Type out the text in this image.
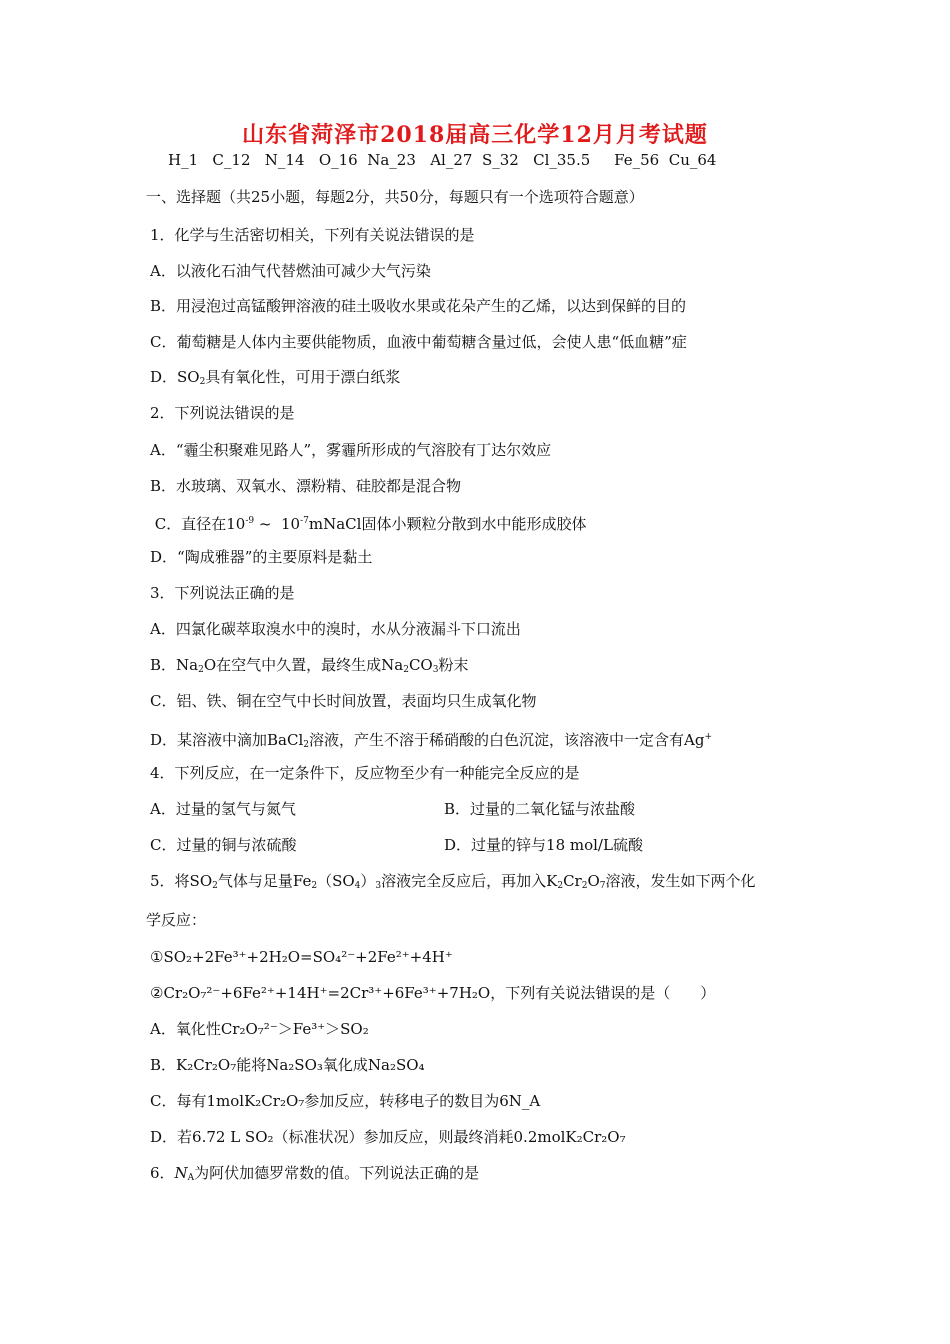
山东省菏泽市2018届高三化学12月月考试题
H_1   C_12   N_14   O_16  Na_23   Al_27  S_32   Cl_35.5     Fe_56  Cu_64
一、选择题（共25小题，每题2分，共50分，每题只有一个选项符合题意）
1．化学与生活密切相关，下列有关说法错误的是
A．以液化石油气代替燃油可减少大气污染
B．用浸泡过高锰酸钾溶液的硅土吸收水果或花朵产生的乙烯，以达到保鲜的目的
C．葡萄糖是人体内主要供能物质，血液中葡萄糖含量过低，会使人患“低血糖”症
D．$SO_2$具有氧化性，可用于漂白纸浆
2．下列说法错误的是
A．“霾尘积聚难见路人”，雾霾所形成的气溶胶有丁达尔效应
B．水玻璃、双氧水、漂粉精、硅胶都是混合物
C．直径在$10^{-9}$ ~  $10^{-7}mNaCl$固体小颗粒分散到水中能形成胶体
D．“陶成雅器”的主要原料是黏土
3．下列说法正确的是
A．四氯化碳萃取溴水中的溴时，水从分液漏斗下口流出
B．$Na_2O$在空气中久置，最终生成$Na_2CO_3$粉末
C．铝、铁、铜在空气中长时间放置，表面均只生成氧化物
D．某溶液中滴加BaCl$_2$溶液，产生不溶于稀硝酸的白色沉淀，该溶液中一定含有Ag+
4．下列反应，在一定条件下，反应物至少有一种能完全反应的是
A．过量的氢气与氮气	B．过量的二氧化锰与浓盐酸
C．过量的铜与浓硫酸	D．过量的锌与18 mol/L硫酸
5．将$SO_2$气体与足量$Fe_2(SO_4)_3$溶液完全反应后，再加入$K_2Cr_2O_7$溶液，发生如下两个化
学反应：
①SO₂+2Fe³⁺+2H₂O=SO₄²⁻+2Fe²⁺+4H⁺
②Cr₂O₇²⁻+6Fe²⁺+14H⁺=2Cr³⁺+6Fe³⁺+7H₂O，下列有关说法错误的是（　　）
A．氧化性Cr₂O₇²⁻＞Fe³⁺＞SO₂
B．K₂Cr₂O₇能将Na₂SO₃氧化成Na₂SO₄
C．每有1molK₂Cr₂O₇参加反应，转移电子的数目为6N_A
D．若6.72 L SO₂（标准状况）参加反应，则最终消耗0.2molK₂Cr₂O₇
6．$N_A$为阿伏加德罗常数的值。下列说法正确的是
